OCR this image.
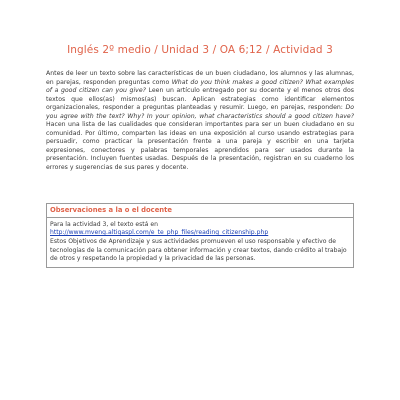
Inglés 2º medio / Unidad 3 / OA 6;12 / Actividad 3
Antes de leer un texto sobre las características de un buen ciudadano, los alumnos y las alumnas, en parejas, responden preguntas como What do you think makes a good citizen? What examples of a good citizen can you give? Leen un artículo entregado por su docente y el menos otros dos textos que ellos(as) mismos(as) buscan. Aplican estrategias como identificar elementos organizacionales, responder a preguntas planteadas y resumir. Luego, en parejas, responden: Do you agree with the text? Why? In your opinion, what characteristics should a good citizen have? Hacen una lista de las cualidades que consideran importantes para ser un buen ciudadano en su comunidad. Por último, comparten las ideas en una exposición al curso usando estrategias para persuadir, como practicar la presentación frente a una pareja y escribir en una tarjeta expresiones, conectores y palabras temporales aprendidos para ser usados durante la presentación. Incluyen fuentes usadas. Después de la presentación, registran en su cuaderno los errores y sugerencias de sus pares y docente.
Observaciones a la o el docente

Para la actividad 3, el texto está en

http://www.mveng.altigaspl.com/e_te_php_files/reading_citizenship.php

Estos Objetivos de Aprendizaje y sus actividades promueven el uso responsable y efectivo de tecnologías de la comunicación para obtener información y crear textos, dando crédito al trabajo de otros y respetando la propiedad y la privacidad de las personas.
